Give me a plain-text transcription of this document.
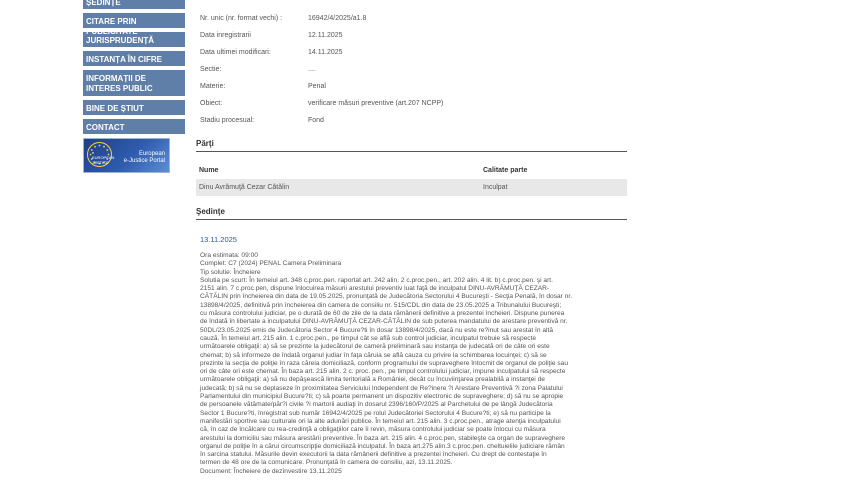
ȘEDINȚE
CITARE PRIN PUBLICITATE
JURISPRUDENȚĂ
INSTANȚA ÎN CIFRE
INFORMAȚII DE INTERES PUBLIC
BINE DE ȘTIUT
CONTACT
e EUROPEAN JUSTICE
European
e-Justice Portal
Nr. unic (nr. format vechi) :	16942/4/2025/a1.8
Data inregistrarii	12.11.2025
Data ultimei modificari:	14.11.2025
Sectie:	....
Materie:	Penal
Obiect:	verificare măsuri preventive (art.207 NCPP)
Stadiu procesual:	Fond
Părţi
Nume	Calitate parte
Dinu Avrămuţă Cezar Cătălin	Inculpat
Şedinţe
13.11.2025
Ora estimata: 09:00
Complet: C7 (2024) PENAL Camera Preliminara
Tip solutie: Încheiere
Solutia pe scurt: În temeiul art. 348 c.proc.pen. raportat art. 242 alin. 2 c.proc.pen., art. 202 alin. 4 lit. b) c.proc.pen. şi art.
2151 alin. 7 c.proc.pen, dispune înlocuirea măsurii arestului preventiv luat faţă de inculpatul DINU-AVRĂMUŢĂ CEZAR-
CĂTĂLIN prin încheierea din data de 19.05.2025, pronunţată de Judecătoria Sectorului 4 Bucureşti - Secţia Penală, în dosar nr.
13898/4/2025, definitivă prin încheierea din camera de consiliu nr. 515/CDL din data de 23.05.2025 a Tribunalului Bucureşti;
cu măsura controlului judiciar, pe o durată de 60 de zile de la data rămânerii definitive a prezentei încheieri. Dispune punerea
de îndată în libertate a inculpatului DINU-AVRĂMUŢĂ CEZAR-CĂTĂLIN de sub puterea mandatului de arestare preventivă nr.
50DL/23.05.2025 emis de Judecătoria Sector 4 Bucure?ti în dosar 13898/4/2025, dacă nu este re?inut sau arestat în altă
cauză. În temeiul art. 215 alin. 1 c.proc.pen., pe timpul cât se află sub control judiciar, inculpatul trebuie să respecte
următoarele obligaţii: a) să se prezinte la judecătorul de cameră preliminară sau instanţa de judecată ori de câte ori este
chemat; b) să informeze de îndată organul judiar în faţa căruia se află cauza cu privire la schimbarea locuinţei; c) să se
prezinte la secţia de poliţie în raza căreia domiciliază, conform programului de supraveghere întocmit de organul de poliţie sau
ori de câte ori este chemat. În baza art. 215 alin. 2 c. proc. pen., pe timpul controlului judiciar, impune inculpatului să respecte
următoarele obligaţii: a) să nu depăşească limita teritorială a României, decât cu încuviinţarea prealabilă a instanţei de
judecată; b) să nu se deplaseze în proximitatea Serviciului Independent de Re?inere ?i Arestare Preventivă ?i zona Palatului
Parlamentului din municipiul Bucure?ti; c) să poarte permanent un dispozitiv electronic de supraveghere; d) să nu se apropie
de persoanele vătămate/păr?i civile ?i martorii audiaţi în dosarul 2396/160/P/2025 al Parchetului de pe lângă Judecătoria
Sector 1 Bucure?ti, înregistrat sub număr 16942/4/2025 pe rolul Judecătoriei Sectorului 4 Bucure?ti; e) să nu participe la
manifestări sportive sau culturale ori la alte adunări publice. În temeiul art. 215 alin. 3 c.proc.pen., atrage atenţia inculpatului
că, în caz de încălcare cu rea-credinţă a obligaţiilor care îi revin, măsura controlului judiciar se poate înlocui cu măsura
arestului la domiciliu sau măsura arestării preventive. În baza art. 215 alin. 4 c.proc.pen, stabileşte ca organ de supraveghere
organul de poliţie în a cărui circumscripţie domiciliază inculpatul. În baza art.275 alin.3 c.proc.pen. cheltuielile judiciare rămân
în sarcina statului. Măsurile devin executorii la data rămânerii definitive a prezentei încheieri. Cu drept de contestaţie în
termen de 48 ore de la comunicare. Pronunţată în camera de consiliu, azi, 13.11.2025.
Document: Încheiere de dezînvestire 13.11.2025
